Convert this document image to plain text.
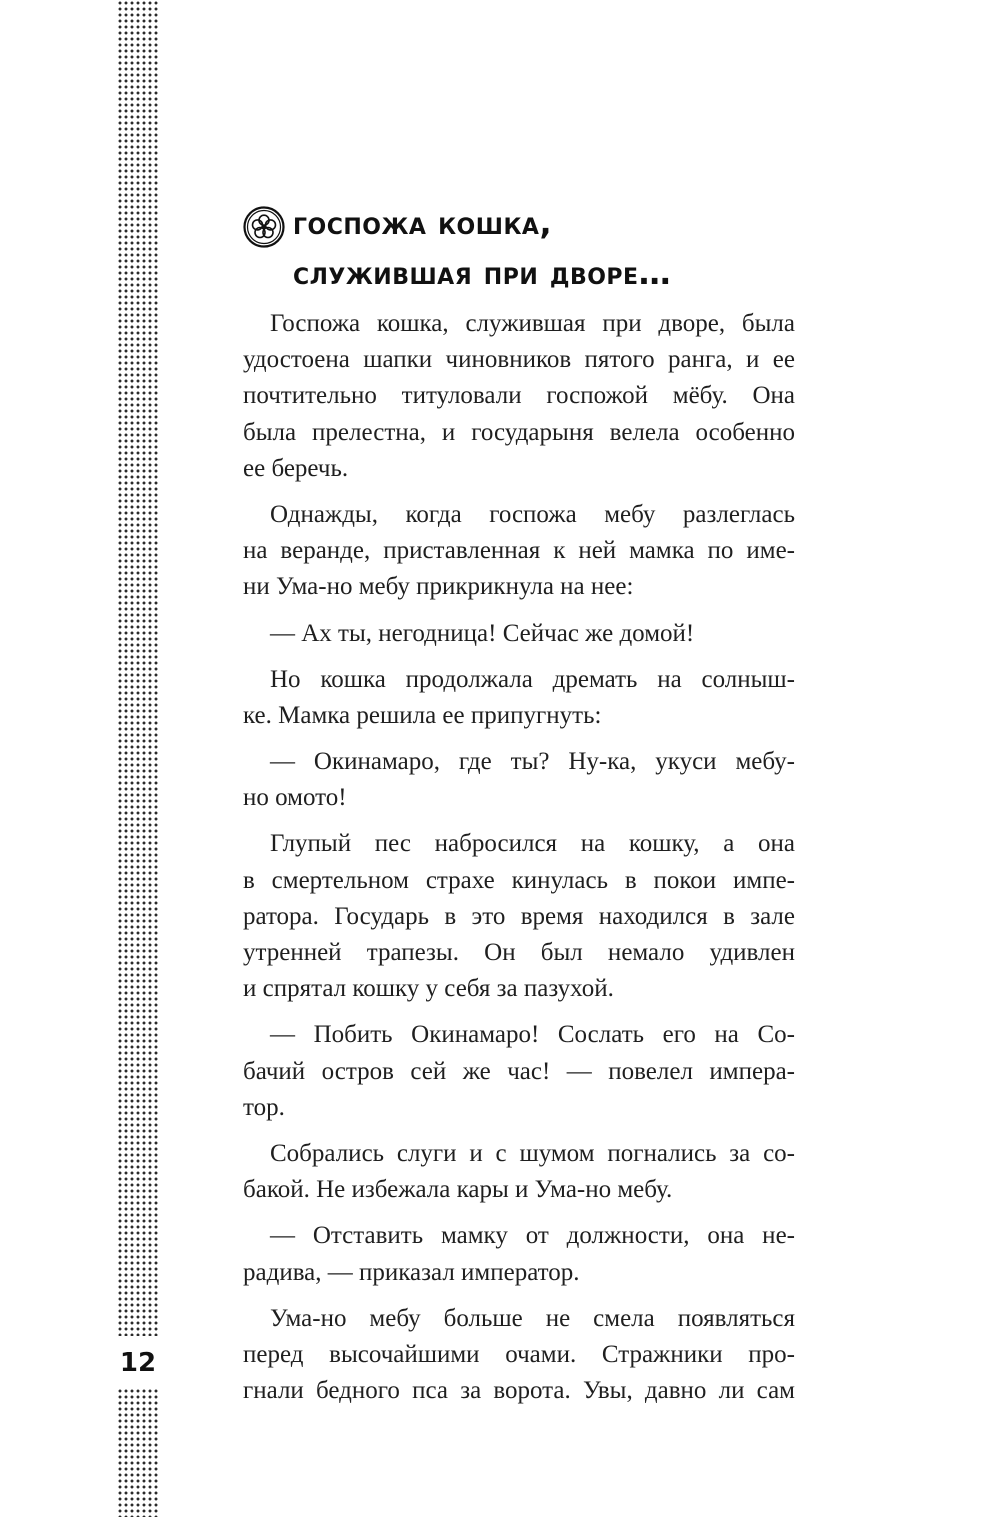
12
госпожа кошка,
служившая при дворе…
Госпожа кошка, служившая при дворе, была
удостоена шапки чиновников пятого ранга, и ее
почтительно титуловали госпожой мёбу. Она
была прелестна, и государыня велела особенно
ее беречь.
Однажды, когда госпожа мебу разлеглась
на веранде, приставленная к ней мамка по име-
ни Ума-но мебу прикрикнула на нее:
— Ах ты, негодница! Сейчас же домой!
Но кошка продолжала дремать на солныш-
ке. Мамка решила ее припугнуть:
— Окинамаро, где ты? Ну-ка, укуси мебу-
но омото!
Глупый пес набросился на кошку, а она
в смертельном страхе кинулась в покои импе-
ратора. Государь в это время находился в зале
утренней трапезы. Он был немало удивлен
и спрятал кошку у себя за пазухой.
— Побить Окинамаро! Сослать его на Со-
бачий остров сей же час! — повелел импера-
тор.
Собрались слуги и с шумом погнались за со-
бакой. Не избежала кары и Ума-но мебу.
— Отставить мамку от должности, она не-
радива, — приказал император.
Ума-но мебу больше не смела появляться
перед высочайшими очами. Стражники про-
гнали бедного пса за ворота. Увы, давно ли сам
